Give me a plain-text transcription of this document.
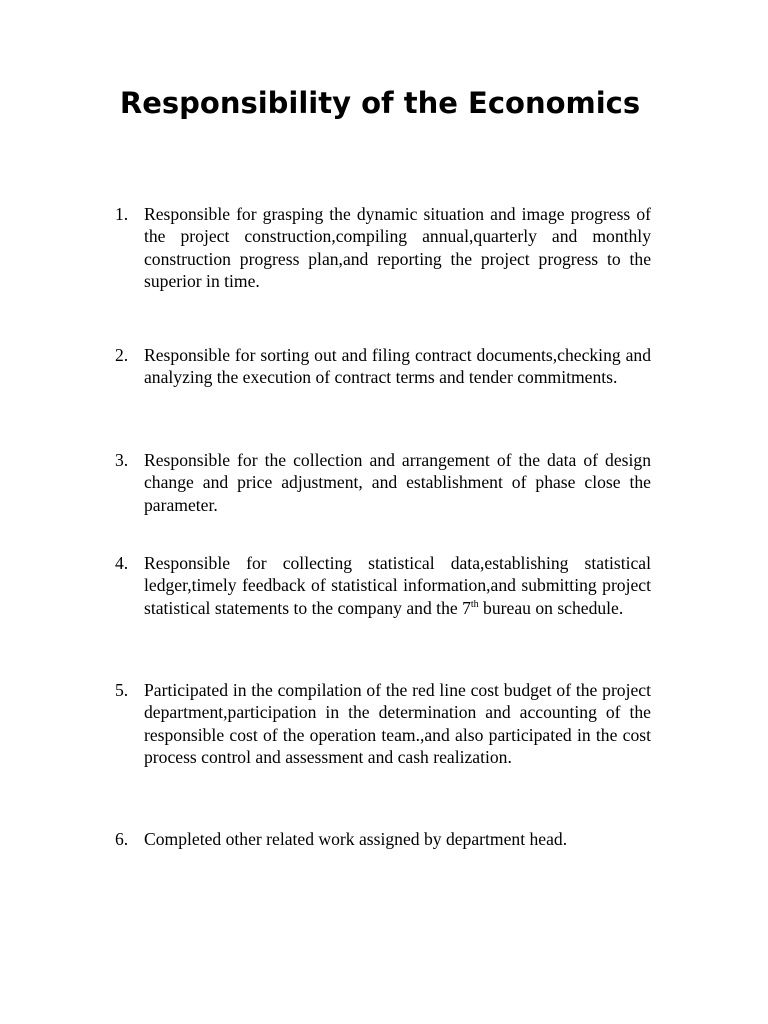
Responsibility of the Economics
1. Responsible for grasping the dynamic situation and image progress of the project construction,compiling annual,quarterly and monthly construction progress plan,and reporting the project progress to the superior in time.
2. Responsible for sorting out and filing contract documents,checking and analyzing the execution of contract terms and tender commitments.
3. Responsible for the collection and arrangement of the data of design change and price adjustment, and establishment of phase close the parameter.
4. Responsible for collecting statistical data,establishing statistical ledger,timely feedback of statistical information,and submitting project statistical statements to the company and the 7th bureau on schedule.
5. Participated in the compilation of the red line cost budget of the project department,participation in the determination and accounting of the responsible cost of the operation team.,and also participated in the cost process control and assessment and cash realization.
6. Completed other related work assigned by department head.
